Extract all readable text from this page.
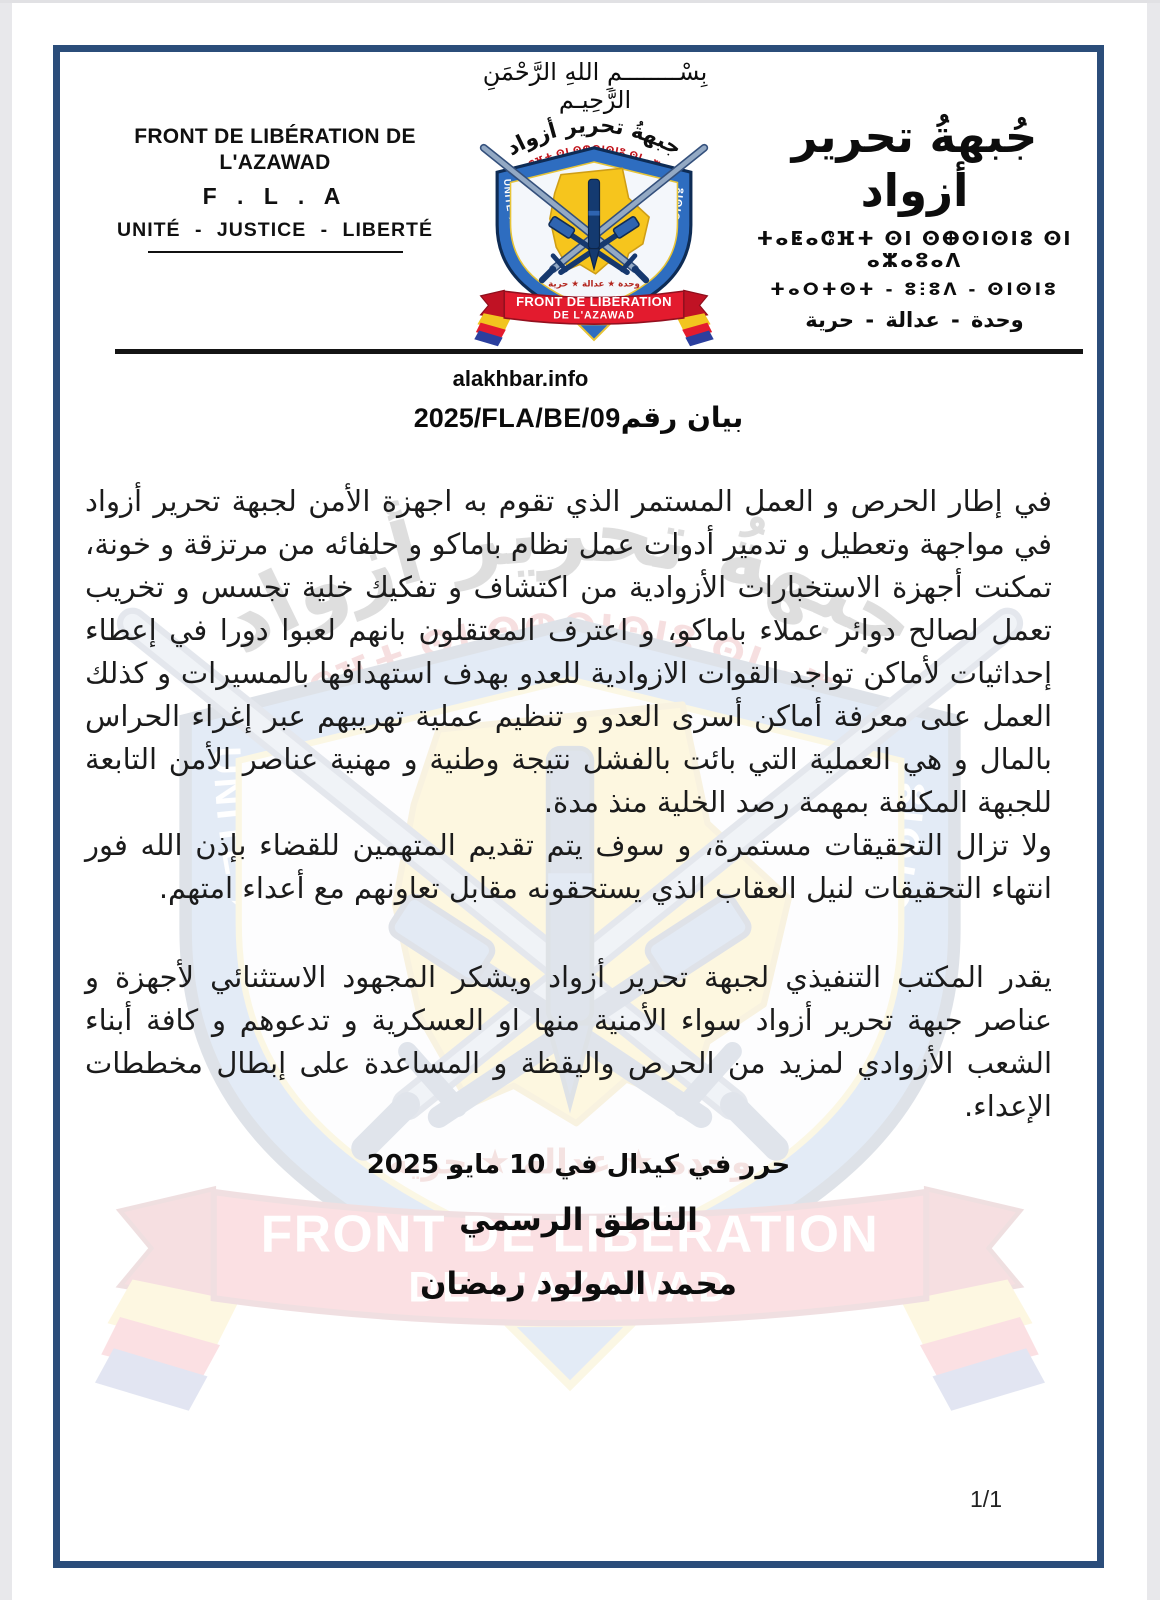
FRONT DE LIBÉRATION DE L'AZAWAD
F . L . A
UNITÉ - JUSTICE - LIBERTÉ
بِسْــــــــمِ اللهِ الرَّحْمَنِ الرَّحِيـم
جُبهةُ تحرير أزواد
ⵜⴰⵟⴰⵛⴼⵜ ⵙⵏ ⵙⴲⵙⵏⵙⵏⵓ ⵙⵏ ⴰⵣⴰⵓⴰⴷ
ⵜⴰⵔⵜⵙⵜ - ⵓⵗⵓⴷ - ⵙⵏⵙⵏⵓ
وحدة - عدالة - حرية
alakhbar.info
بيان رقم2025/FLA/BE/09

في إطار الحرص و العمل المستمر الذي تقوم به اجهزة الأمن لجبهة تحرير أزواد في مواجهة وتعطيل و تدمير أدوات عمل نظام باماكو و حلفائه من مرتزقة و خونة، تمكنت أجهزة الاستخبارات الأزوادية من اكتشاف و تفكيك خلية تجسس و تخريب تعمل لصالح دوائر عملاء باماكو، و اعترف المعتقلون بانهم لعبوا دورا في إعطاء إحداثيات لأماكن تواجد القوات الازوادية للعدو بهدف استهدافها بالمسيرات و كذلك العمل على معرفة أماكن أسرى العدو و تنظيم عملية تهريبهم عبر إغراء الحراس بالمال و هي العملية التي بائت بالفشل نتيجة وطنية و مهنية عناصر الأمن التابعة للجبهة المكلفة بمهمة رصد الخلية منذ مدة.

ولا تزال التحقيقات مستمرة، و سوف يتم تقديم المتهمين للقضاء بإذن الله فور انتهاء التحقيقات لنيل العقاب الذي يستحقونه مقابل تعاونهم مع أعداء امتهم.

يقدر المكتب التنفيذي لجبهة تحرير أزواد ويشكر المجهود الاستثنائي لأجهزة و عناصر جبهة تحرير أزواد سواء الأمنية منها او العسكرية و تدعوهم و كافة أبناء الشعب الأزوادي لمزيد من الحرص واليقظة و المساعدة على إبطال مخططات الإعداء.

حرر في كيدال في 10 مايو 2025
الناطق الرسمي
محمد المولود رمضان
1/1
